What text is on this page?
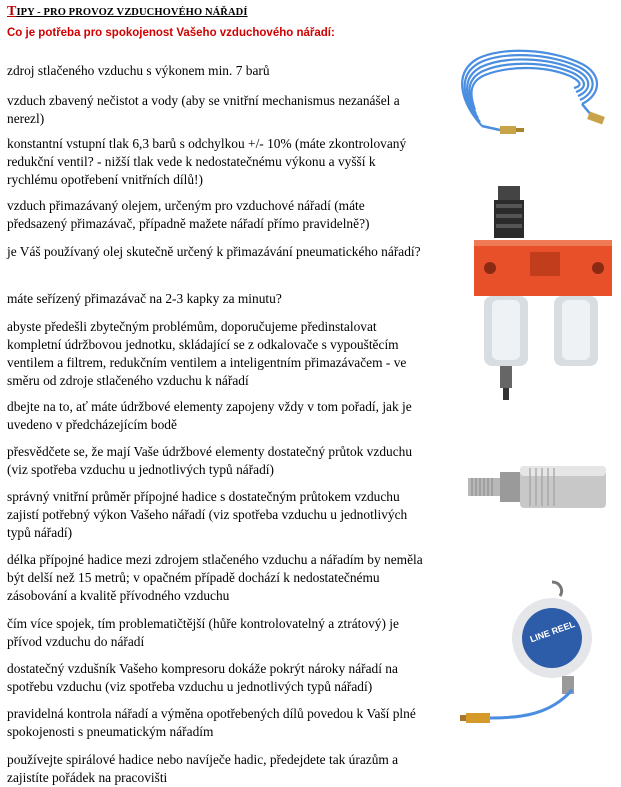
TIPY - PRO PROVOZ VZDUCHOVÉHO NÁŘADÍ
Co je potřeba pro spokojenost Vašeho vzduchového nářadí:

zdroj stlačeného vzduchu s výkonem min. 7 barů

vzduch zbavený nečistot a vody (aby se vnitřní mechanismus nezanášel a nerezl)

konstantní vstupní tlak 6,3 barů s odchylkou +/- 10% (máte zkontrolovaný redukční ventil? - nižší tlak vede k nedostatečnému výkonu a vyšší k rychlému opotřebení vnitřních dílů!)

vzduch přimazávaný olejem, určeným pro vzduchové nářadí (máte předsazený přimazávač, případně mažete nářadí přímo pravidelně?)

je Váš používaný olej skutečně určený k přimazávání pneumatického nářadí?

máte seřízený přimazávač na 2-3 kapky za minutu?

abyste předešli zbytečným problémům, doporučujeme předinstalovat kompletní údržbovou jednotku, skládající se z odkalovače s vypouštěcím ventilem a filtrem, redukčním ventilem a inteligentním přimazávačem - ve směru od zdroje stlačeného vzduchu k nářadí

dbejte na to, ať máte údržbové elementy zapojeny vždy v tom pořadí, jak je uvedeno v předcházejícím bodě

přesvědčete se, že mají Vaše údržbové elementy dostatečný průtok vzduchu (viz spotřeba vzduchu u jednotlivých typů nářadí)

správný vnitřní průměr přípojné hadice s dostatečným průtokem vzduchu zajistí potřebný výkon Vašeho nářadí (viz spotřeba vzduchu u jednotlivých typů nářadí)

délka přípojné hadice mezi zdrojem stlačeného vzduchu a nářadím by neměla být delší než 15 metrů; v opačném případě dochází k nedostatečnému zásobování a kvalitě přívodného vzduchu

čím více spojek, tím problematičtější (hůře kontrolovatelný a ztrátový) je přívod vzduchu do nářadí

dostatečný vzdušník Vašeho kompresoru dokáže pokrýt nároky nářadí na spotřebu vzduchu (viz spotřeba vzduchu u jednotlivých typů nářadí)

pravidelná kontrola nářadí a výměna opotřebených dílů povedou k Vaší plné spokojenosti s pneumatickým nářadím

používejte spirálové hadice nebo navíječe hadic, předejdete tak úrazům a zajistíte pořádek na pracovišti

LINE REEL
